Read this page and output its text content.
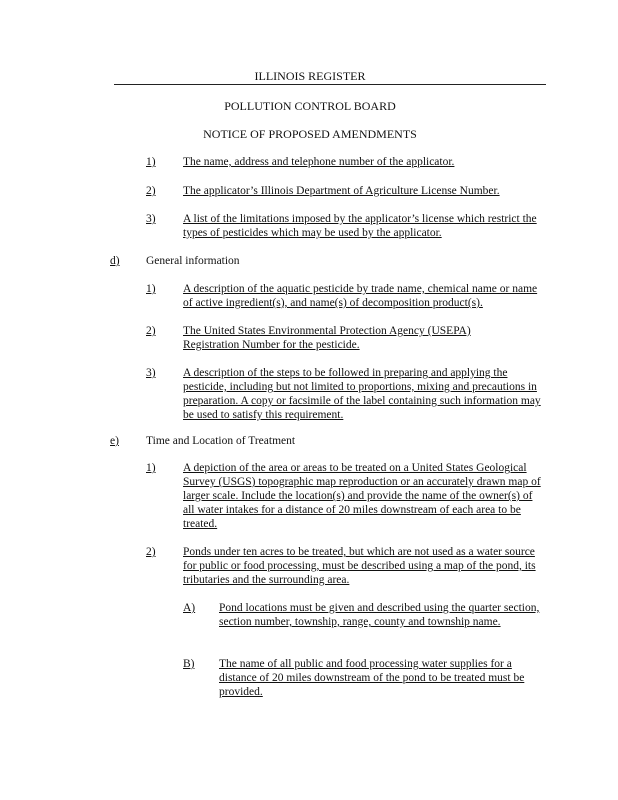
ILLINOIS REGISTER
POLLUTION CONTROL BOARD
NOTICE OF PROPOSED AMENDMENTS
1) The name, address and telephone number of the applicator.
2) The applicator’s Illinois Department of Agriculture License Number.
3) A list of the limitations imposed by the applicator’s license which restrict the types of pesticides which may be used by the applicator.
d) General information
1) A description of the aquatic pesticide by trade name, chemical name or name of active ingredient(s), and name(s) of decomposition product(s).
2) The United States Environmental Protection Agency (USEPA) Registration Number for the pesticide.
3) A description of the steps to be followed in preparing and applying the pesticide, including but not limited to proportions, mixing and precautions in preparation. A copy or facsimile of the label containing such information may be used to satisfy this requirement.
e) Time and Location of Treatment
1) A depiction of the area or areas to be treated on a United States Geological Survey (USGS) topographic map reproduction or an accurately drawn map of larger scale. Include the location(s) and provide the name of the owner(s) of all water intakes for a distance of 20 miles downstream of each area to be treated.
2) Ponds under ten acres to be treated, but which are not used as a water source for public or food processing, must be described using a map of the pond, its tributaries and the surrounding area.
A) Pond locations must be given and described using the quarter section, section number, township, range, county and township name.
B) The name of all public and food processing water supplies for a distance of 20 miles downstream of the pond to be treated must be provided.
